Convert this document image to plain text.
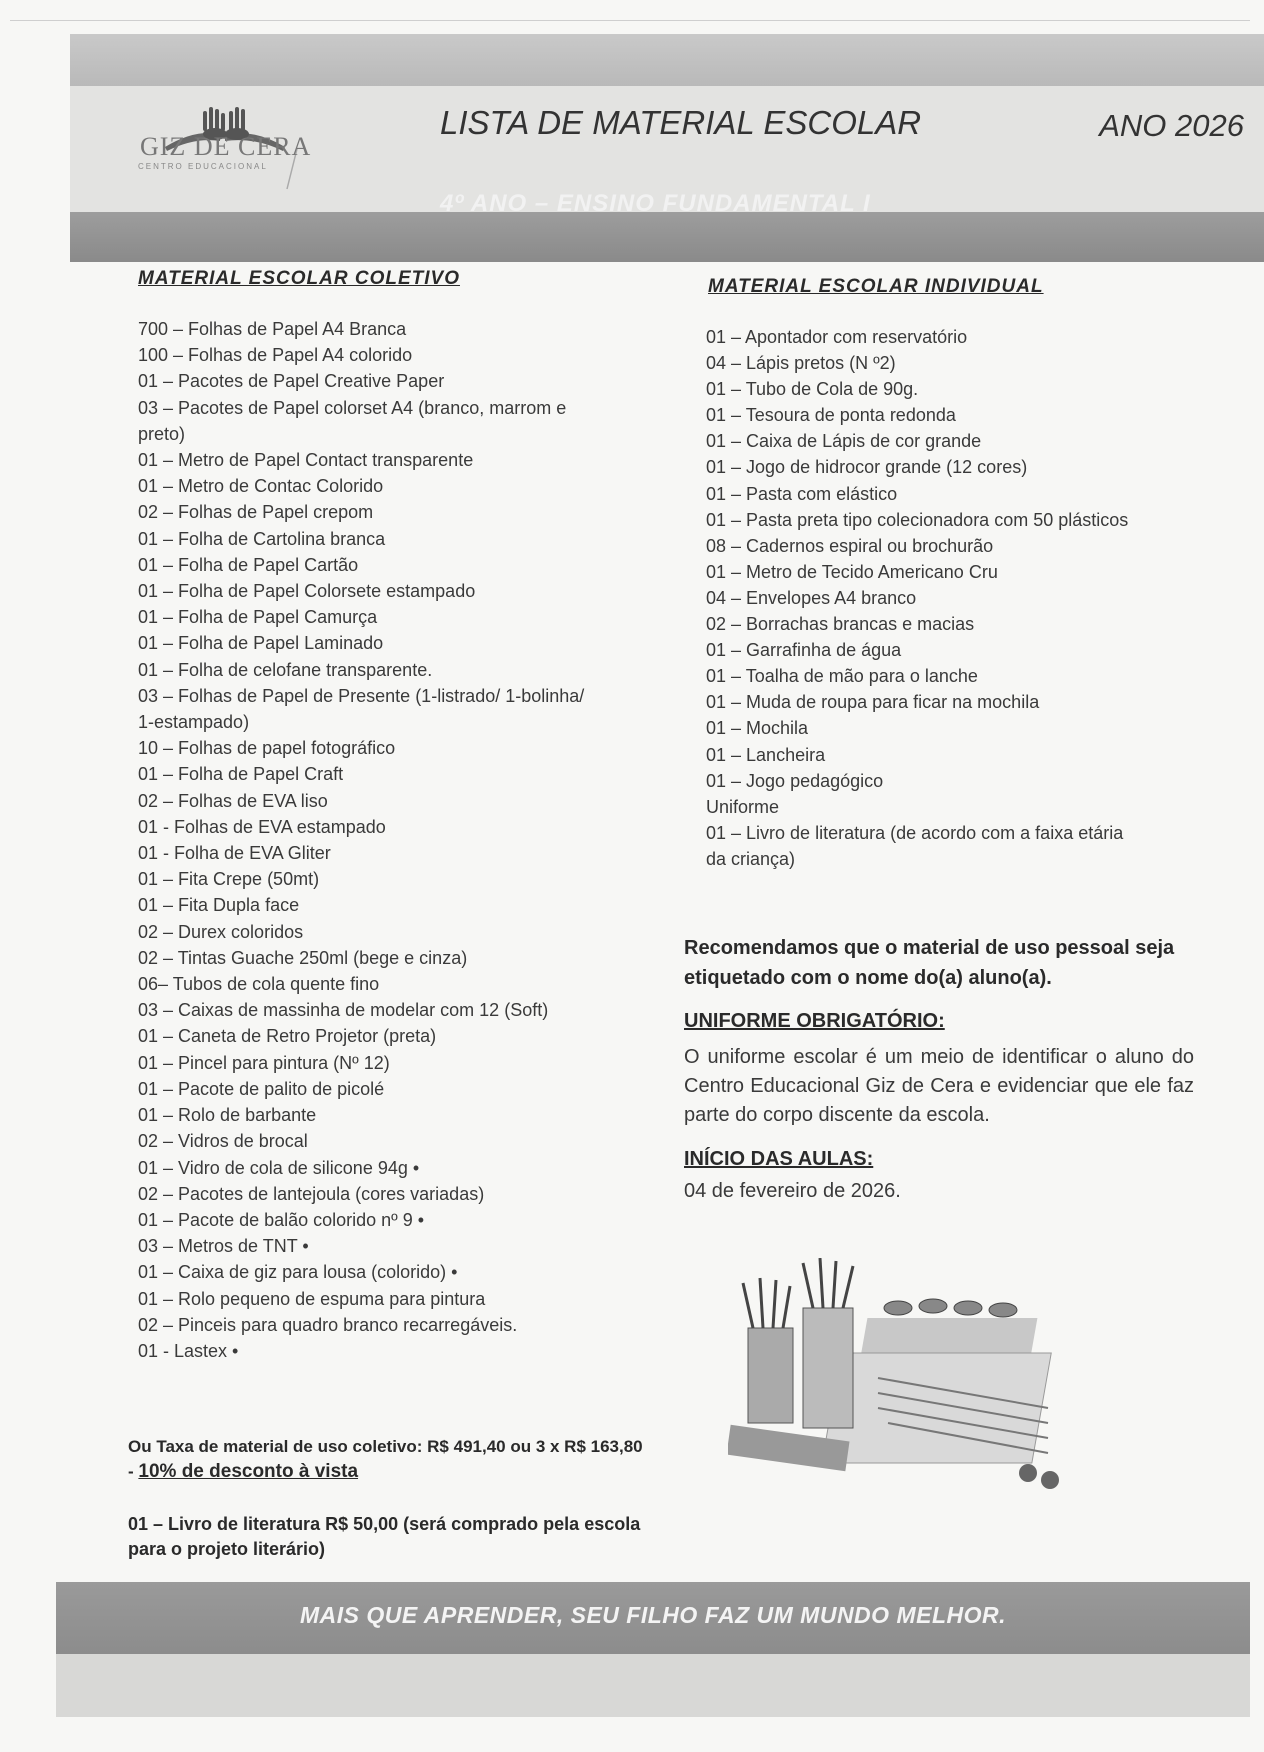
GIZ DE CERA
CENTRO EDUCACIONAL
LISTA DE MATERIAL ESCOLAR	ANO 2026
4º ANO – ENSINO FUNDAMENTAL I
MATERIAL ESCOLAR COLETIVO
700 – Folhas de Papel A4 Branca
100 – Folhas de Papel A4 colorido
01 – Pacotes de Papel Creative Paper
03 – Pacotes de Papel colorset A4 (branco, marrom e
preto)
01 – Metro de Papel Contact transparente
01 – Metro de Contac Colorido
02 – Folhas de Papel crepom
01 – Folha de Cartolina branca
01 – Folha de Papel Cartão
01 – Folha de Papel Colorsete estampado
01 – Folha de Papel Camurça
01 – Folha de Papel Laminado
01 – Folha de celofane transparente.
03 – Folhas de Papel de Presente (1-listrado/ 1-bolinha/
1-estampado)
10 – Folhas de papel fotográfico
01 – Folha de Papel Craft
02 – Folhas de EVA liso
01 - Folhas de EVA estampado
01 - Folha de EVA Gliter
01 – Fita Crepe (50mt)
01 – Fita Dupla face
02 – Durex coloridos
02 – Tintas Guache 250ml (bege e cinza)
06– Tubos de cola quente fino
03 – Caixas de massinha de modelar com 12 (Soft)
01 – Caneta de Retro Projetor (preta)
01 – Pincel para pintura (Nº 12)
01 – Pacote de palito de picolé
01 – Rolo de barbante
02 – Vidros de brocal
01 – Vidro de cola de silicone 94g •
02 – Pacotes de lantejoula (cores variadas)
01 – Pacote de balão colorido nº 9 •
03 – Metros de TNT •
01 – Caixa de giz para lousa (colorido) •
01 – Rolo pequeno de espuma para pintura
02 – Pinceis para quadro branco recarregáveis.
01 - Lastex •
MATERIAL ESCOLAR INDIVIDUAL
01 – Apontador com reservatório
04 – Lápis pretos (N º2)
01 – Tubo de Cola de 90g.
01 – Tesoura de ponta redonda
01 – Caixa de Lápis de cor grande
01 – Jogo de hidrocor grande (12 cores)
01 – Pasta com elástico
01 – Pasta preta tipo colecionadora com 50 plásticos
08 – Cadernos espiral ou brochurão
01 – Metro de Tecido Americano Cru
04 – Envelopes A4 branco
02 – Borrachas brancas e macias
01 – Garrafinha de água
01 – Toalha de mão para o lanche
01 – Muda de roupa para ficar na mochila
01 – Mochila
01 – Lancheira
01 – Jogo pedagógico
Uniforme
01 – Livro de literatura (de acordo com a faixa etária
da criança)
Recomendamos que o material de uso pessoal seja etiquetado com o nome do(a) aluno(a).
UNIFORME OBRIGATÓRIO:
O uniforme escolar é um meio de identificar o aluno do Centro Educacional Giz de Cera e evidenciar que ele faz parte do corpo discente da escola.
INÍCIO DAS AULAS:
04 de fevereiro de 2026.
Ou Taxa de material de uso coletivo: R$ 491,40 ou 3 x R$ 163,80 - 10% de desconto à vista
01 – Livro de literatura R$ 50,00 (será comprado pela escola para o projeto literário)
MAIS QUE APRENDER, SEU FILHO FAZ UM MUNDO MELHOR.
